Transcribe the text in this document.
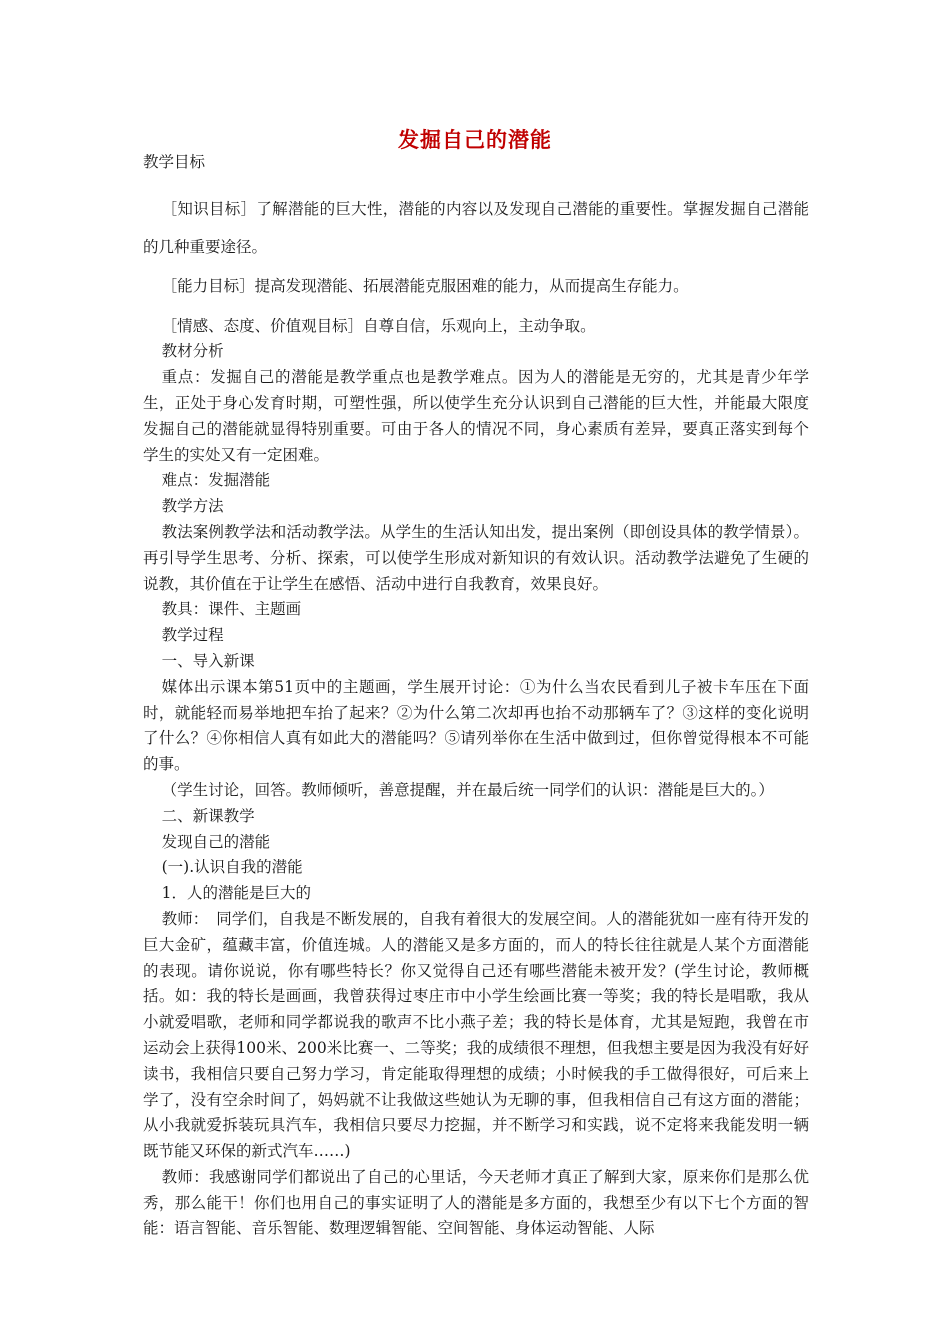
发掘自己的潜能

教学目标

［知识目标］了解潜能的巨大性，潜能的内容以及发现自己潜能的重要性。掌握发掘自己潜能的几种重要途径。

［能力目标］提高发现潜能、拓展潜能克服困难的能力，从而提高生存能力。

［情感、态度、价值观目标］自尊自信，乐观向上，主动争取。

教材分析

重点：发掘自己的潜能是教学重点也是教学难点。因为人的潜能是无穷的，尤其是青少年学生，正处于身心发育时期，可塑性强，所以使学生充分认识到自己潜能的巨大性，并能最大限度发掘自己的潜能就显得特别重要。可由于各人的情况不同，身心素质有差异，要真正落实到每个学生的实处又有一定困难。

难点：发掘潜能

教学方法

教法案例教学法和活动教学法。从学生的生活认知出发，提出案例（即创设具体的教学情景）。再引导学生思考、分析、探索，可以使学生形成对新知识的有效认识。活动教学法避免了生硬的说教，其价值在于让学生在感悟、活动中进行自我教育，效果良好。

教具：课件、主题画

教学过程

一、导入新课

媒体出示课本第51页中的主题画，学生展开讨论：①为什么当农民看到儿子被卡车压在下面时，就能轻而易举地把车抬了起来？②为什么第二次却再也抬不动那辆车了？③这样的变化说明了什么？④你相信人真有如此大的潜能吗？⑤请列举你在生活中做到过，但你曾觉得根本不可能的事。

（学生讨论，回答。教师倾听，善意提醒，并在最后统一同学们的认识：潜能是巨大的。）

二、新课教学

发现自己的潜能

(一).认识自我的潜能

1．人的潜能是巨大的

教师：　同学们，自我是不断发展的，自我有着很大的发展空间。人的潜能犹如一座有待开发的巨大金矿，蕴藏丰富，价值连城。人的潜能又是多方面的，而人的特长往往就是人某个方面潜能的表现。请你说说，你有哪些特长？你又觉得自己还有哪些潜能未被开发？(学生讨论，教师概括。如：我的特长是画画，我曾获得过枣庄市中小学生绘画比赛一等奖；我的特长是唱歌，我从小就爱唱歌，老师和同学都说我的歌声不比小燕子差；我的特长是体育，尤其是短跑，我曾在市运动会上获得100米、200米比赛一、二等奖；我的成绩很不理想，但我想主要是因为我没有好好读书，我相信只要自己努力学习，肯定能取得理想的成绩；小时候我的手工做得很好，可后来上学了，没有空余时间了，妈妈就不让我做这些她认为无聊的事，但我相信自己有这方面的潜能；从小我就爱拆装玩具汽车，我相信只要尽力挖掘，并不断学习和实践，说不定将来我能发明一辆既节能又环保的新式汽车……)

教师：我感谢同学们都说出了自己的心里话，今天老师才真正了解到大家，原来你们是那么优秀，那么能干！你们也用自己的事实证明了人的潜能是多方面的，我想至少有以下七个方面的智能：语言智能、音乐智能、数理逻辑智能、空间智能、身体运动智能、人际
